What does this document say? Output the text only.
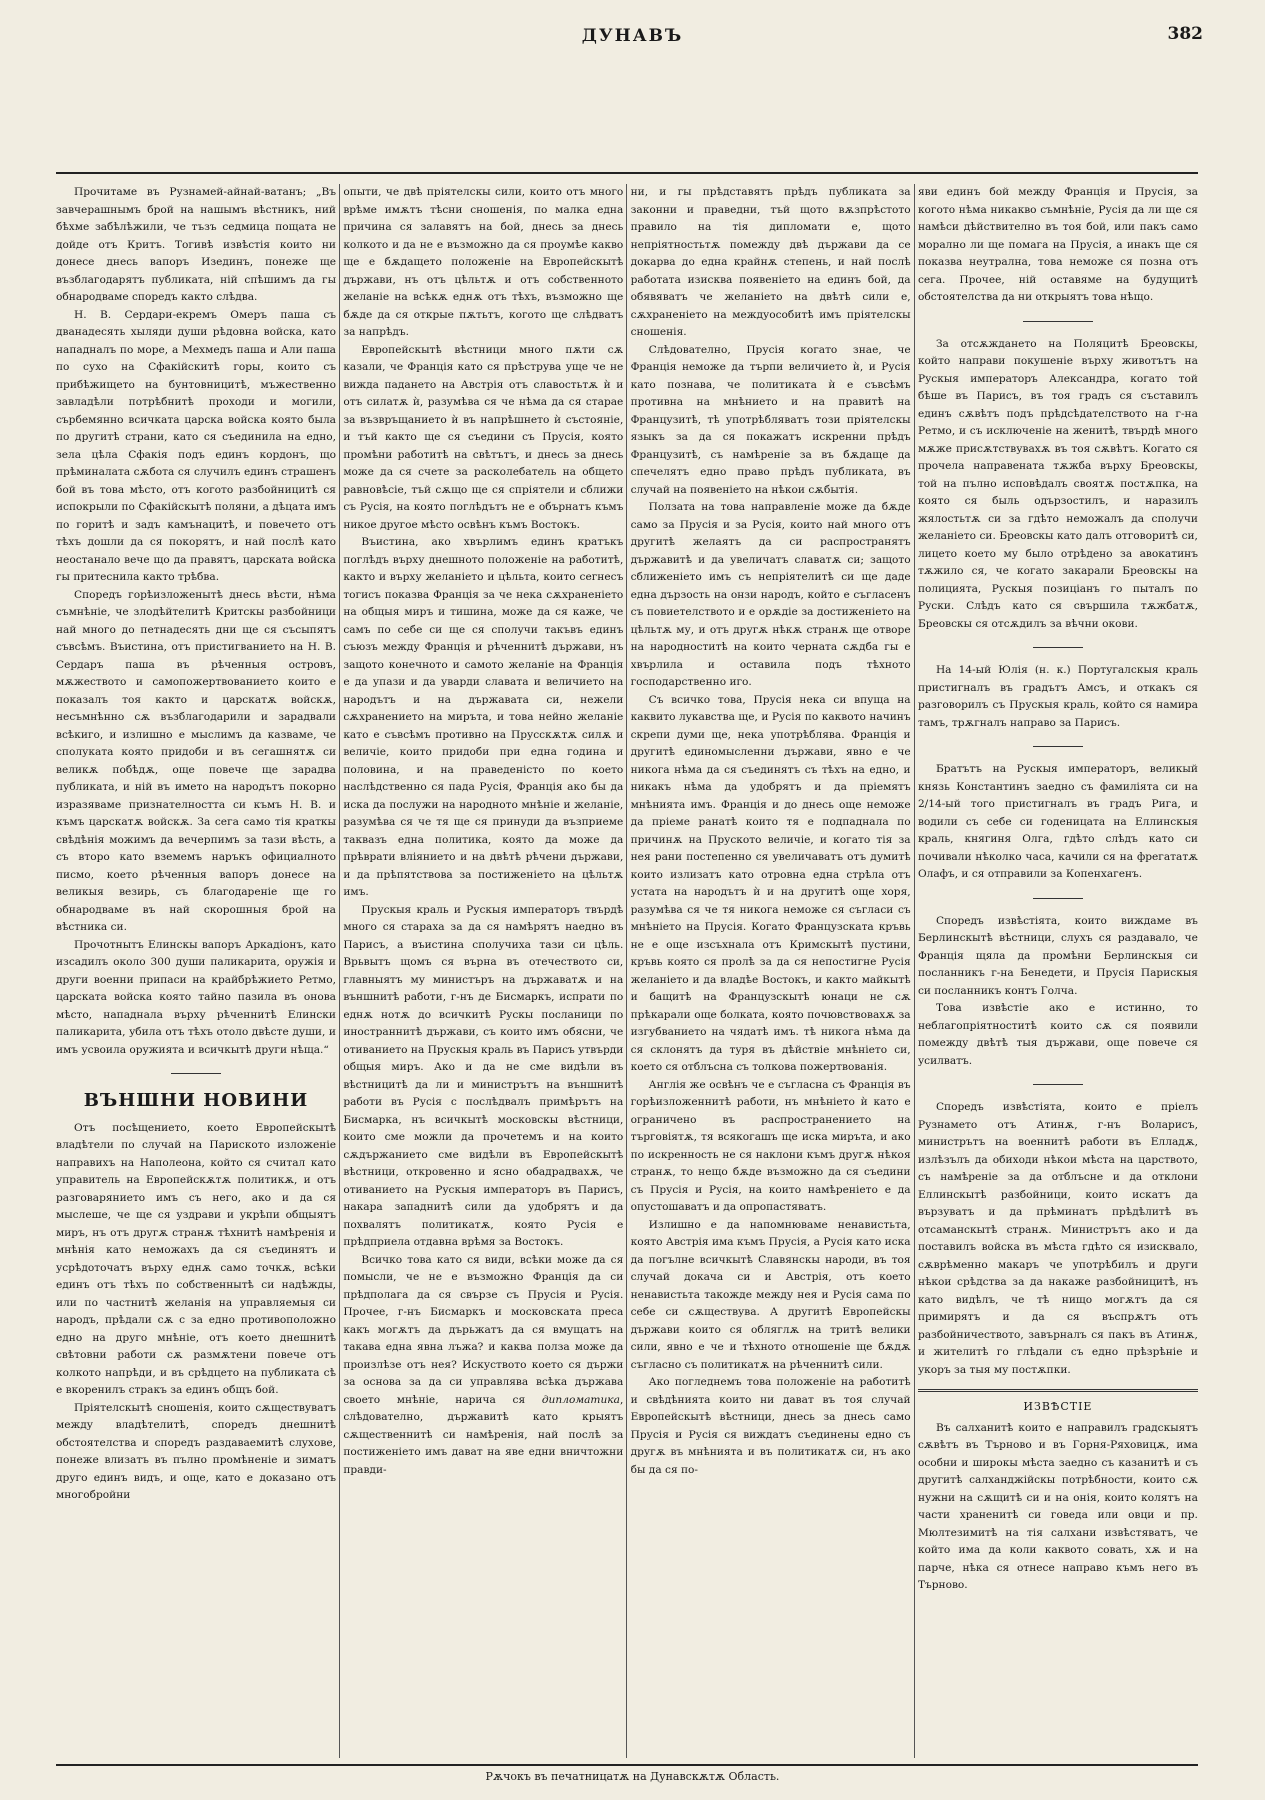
ДУНАВЪ	382

Прочитаме въ Рузнамей-айнай-ватанъ; „Въ завчерашнымъ брой на нашымъ вѣстникъ, ний бѣхме забѣлѣжили, че тъзъ седмица пощата не дойде отъ Критъ. Тогивѣ извѣстія които ни донесе днесь вапоръ Изединъ, понеже ще възблагодарятъ публиката, ній спѣшимъ да гы обнародваме споредъ както слѣдва.

Н. В. Сердари-екремъ Омеръ паша съ дванадесять хыляди души рѣдовна войска, като нападналъ по море, а Мехмедъ паша и Али паша по сухо на Сфакійскитѣ горы, които съ прибѣжището на бунтовницитѣ, мъжественно завладѣли потрѣбнитѣ проходи и могили, сърбемянно всичката царска войска която была по другитѣ страни, като ся съединила на едно, зела цѣла Сфакія подъ единъ кордонъ, що прѣминалата сѫбота ся случилъ единъ страшенъ бой въ това мѣсто, отъ когото разбойницитѣ ся испокрыли по Сфакійскытѣ поляни, а дѣцата имъ по горитѣ и задъ камънацитѣ, и повечето отъ тѣхъ дошли да ся покорятъ, и най послѣ като неостанало вече що да правятъ, царската войска гы притеснила както трѣбва.

Споредъ горѣизложенытѣ днесь вѣсти, нѣма съмнѣніе, че злодѣйтелитѣ Критскы разбойници най много до петнадесять дни ще ся съсыпятъ съвсѣмъ. Въистина, отъ пристигванието на Н. В. Сердаръ паша въ рѣченныя островъ, мѫжеството и самопожертвованието които е показалъ тоя както и царскатѫ войскѫ, несъмнѣнно сѫ възблагодарили и зарадвали всѣкиго, и излишно е мыслимъ да казваме, че сполуката която придоби и въ сегашнятѫ си великѫ побѣдѫ, още повече ще зарадва публиката, и ній въ името на народътъ покорно изразяваме признателността си къмъ Н. В. и къмъ царскатѫ войскѫ. За сега само тія краткы свѣдѣнія можимъ да вечерпимъ за тази вѣсть, а съ второ като вземемъ наръкъ официалното писмо, което рѣченныя вапоръ донесе на великыя везирь, съ благодареніе ще го обнародваме въ най скорошныя брой на вѣстника си.

Прочотнытъ Елинскы вапоръ Аркадіонъ, като изсадилъ около 300 души паликарита, оружія и други военни припаси на крайбрѣжието Ретмо, царската войска която тайно пазила въ онова мѣсто, нападнала върху рѣченнитѣ Елински паликарита, убила отъ тѣхъ отоло двѣсте души, и имъ усвоила оружията и всичкытѣ други нѣща.“

ВЪНШНИ НОВИНИ

Отъ посѣщението, което Европейскытѣ владѣтели по случай на Парискотo изложеніе направихъ на Наполеона, който ся считал като управитель на Европейскѫтѫ политикѫ, и отъ разговарянието имъ съ него, ако и да ся мыслеше, че ще ся уздрави и укрѣпи общыятъ миръ, нъ отъ другѫ странѫ тѣхнитѣ намѣренія и мнѣнія като неможахъ да ся съединятъ и усрѣдоточатъ върху еднѫ само точкѫ, всѣки единъ отъ тѣхъ по собственнытѣ си надѣжды, или по частнитѣ желанія на управляемыя си народъ, прѣдали сѫ с за едно противоположно едно на друго мнѣніе, отъ което днешнитѣ свѣтовни работи сѫ размѫтени повече отъ колкото напрѣди, и въ срѣдцето на публиката сѣ е вкоренилъ стракъ за единъ общъ бой.

Прiятелскытѣ сношенія, които сѫществуватъ между владѣтелитѣ, споредъ днешнитѣ обстоятелства и споредъ раздаваемитѣ слухове, понеже влизатъ въ пълно промѣненіе и зиматъ друго единъ видъ, и още, като е доказано отъ многобройни

опыти, че двѣ прiятелскы сили, които отъ много врѣме имѫтъ тѣсни сношенія, по малка една причина ся залавятъ на бой, днесь за днесь колкото и да не е възможно да ся проумѣе какво ще е бѫдащето положеніе на Европейскытѣ държави, нъ отъ цѣльтѫ и отъ собственното желаніе на всѣкѫ еднѫ отъ тѣхъ, възможно ще бѫде да ся открые пѫтьтъ, когото ще слѣдватъ за напрѣдъ.

Европейскытѣ вѣстници много пѫти сѫ казали, че Франція като ся прѣструва уще че не вижда падането на Австрія отъ славостьтѫ ѝ и отъ силатѫ ѝ, разумѣва ся че нѣма да ся старае за възвръщанието ѝ въ напрѣшнето ѝ състояніе, и тъй както ще ся съедини съ Прусія, която промѣни работитѣ на свѣтътъ, и днесь за днесь може да ся счете за расколебатель на общето равновѣсіе, тъй сѫщо ще ся спрiятели и сближи съ Русія, на която поглѣдътъ не е обърнатъ къмъ никое другое мѣсто освѣнъ къмъ Востокъ.

Въистина, ако хвърлимъ единъ кратъкъ поглѣдъ върху днешното положеніе на работитѣ, както и върху желаніето и цѣльта, които сегнесъ тогисъ показва Франція за че нека сѫхраненіето на общыя миръ и тишина, може да ся каже, че самъ по себе си ще ся сполучи такъвъ единъ съюзъ между Франція и рѣченнитѣ държави, нъ защото конечното и самото желаніе на Франція е да упази и да уварди славата и величието на народътъ и на държавата си, нежели сѫхранението на миръта, и това нейно желаніе като е съвсѣмъ противно на Прусскѫтѫ силѫ и величіе, които придоби при една година и половина, и на праведеністо по което наслѣдственно ся пада Русія, Франція ако бы да иска да послужи на народното мнѣніе и желаніе, разумѣва ся че тя ще ся принуди да възприеме таквазъ една политика, която да може да прѣврати влiянието и на двѣтѣ рѣчени държави, и да прѣпятствова за постиженіето на цѣльтѫ имъ.

Прускыя краль и Рускыя императоръ твърдѣ много ся стараха за да ся намѣрятъ наедно въ Парисъ, а въистина сполучиха тази си цѣль. Врьвытъ щомъ ся върна въ отечеството си, главныятъ му министъръ на държаватѫ и на външнитѣ работи, г-нъ де Бисмаркъ, испрати по еднѫ нотѫ до всичкитѣ Рускы посланици по иностраннитѣ държави, съ които имъ обясни, че отиванието на Прускыя краль въ Парисъ утвърди общыя миръ. Ако и да не сме видѣли въ вѣстницитѣ да ли и министрътъ на външнитѣ работи въ Русія с послѣдвалъ примѣрътъ на Бисмарка, нъ всичкытѣ московскы вѣстници, които сме можли да прочетемъ и на които сѫдържанието сме видѣли въ Европейскытѣ вѣстници, откровенно и ясно обадрадвахѫ, че отиванието на Рускыя императоръ въ Парисъ, накара западнитѣ сили да удобрятъ и да похвалятъ политикатѫ, която Русія е прѣдприела отдавна врѣмя за Востокъ.

Всичко това като ся види, всѣки може да ся помысли, че не е възможно Франція да си прѣдполага да ся свързе съ Прусія и Русія. Прочее, г-нъ Бисмаркъ и московската преса какъ могѫтъ да дърьжатъ да ся вмущатъ на такава една явна лъжа? и каква полза може да произлѣзе отъ нея? Искуството което ся държи за основа за да си управлява всѣка държава своето мнѣніе, нарича ся дипломатика, слѣдователно, държавитѣ като крыятъ сѫщественнитѣ си намѣренія, най послѣ за постиженіето имъ дават на яве едни вничтожни правди-

ни, и гы прѣдставятъ прѣдъ публиката за законни и праведни, тъй щото вѫзпрѣстото правило на тія дипломати е, щото непріятностьтѫ помежду двѣ държави да се докарва до една крайнѫ степень, и най послѣ работата изисква появеніето на единъ бой, да обявяватъ че желаніето на двѣтѣ сили е, сѫхраненіето на междуособитѣ имъ прiятелскы сношенія.

Слѣдователно, Прусія когато знае, че Франція неможе да търпи величието ѝ, и Русія като познава, че политиката ѝ е съвсѣмъ противна на мнѣнието и на правитѣ на Французитѣ, тѣ употрѣбляватъ този прiятелскы языкъ за да ся покажатъ искренни прѣдъ Французитѣ, съ намѣреніе за въ бѫдаще да спечелятъ едно право прѣдъ публиката, въ случай на появеніето на нѣкои сѫбытія.

Ползата на това направленіе може да бѫде само за Прусія и за Русія, които най много отъ другитѣ желаятъ да си распространятъ държавитѣ и да увеличатъ славатѫ си; защото сближеніето имъ съ непрiятелитѣ си ще даде една дързость на онзи народъ, който е съгласенъ съ повиетелството и е орѫдіе за достиженіето на цѣльтѫ му, и отъ другѫ нѣкѫ странѫ ще отворе на народноститѣ на които черната сѫдба гы е хвърлила и оставила подъ тѣхното господарственно иго.

Съ всичко това, Прусія нека си впуща на каквито лукавства ще, и Русія по каквото начинъ скрепи думи ще, нека употрѣблява. Франція и другитѣ единомысленни държави, явно е че никога нѣма да ся съединятъ съ тѣхъ на едно, и никакъ нѣма да удобрятъ и да пріемятъ мнѣнията имъ. Франція и до днесь още неможе да пріеме ранатѣ които тя е подпаднала по причинѫ на Прускотo величіе, и когато тія за нея рани постепенно ся увеличаватъ отъ думитѣ които излизатъ като отровна една стрѣла отъ устата на народътъ ѝ и на другитѣ още хоря, разумѣва ся че тя никога неможе ся съгласи съ мнѣніето на Прусія. Когато Французската кръвь не е още изсъхнала отъ Кримскытѣ пустини, кръвь която ся пролѣ за да ся непостигне Русія желаніето и да владѣе Востокъ, и както майкытѣ и бащитѣ на Французскытѣ юнаци не сѫ прѣкарали още болката, която почювствовахѫ за изгубванието на чядатѣ имъ. тѣ никога нѣма да ся склонятъ да туря въ дѣйствіе мнѣніето си, което ся отблъсна съ толкова пожертвованія.

Англія же освѣнъ че е съгласна съ Франція въ горѣизложеннитѣ работи, нъ мнѣніето ѝ като е ограничено въ распространението на търговіятѫ, тя всякогашъ ще иска миръта, и ако по искренность не ся наклони къмъ другѫ нѣкоя странѫ, то нещо бѫде възможно да ся съедини съ Прусія и Русія, на които намѣреніето е да опустошаватъ и да опропастяватъ.

Излишно е да напомнюваме ненавистьта, която Австрія има къмъ Прусія, а Русія като иска да погълне всичкытѣ Славянскы народи, въ тоя случай докача си и Австрія, отъ което ненавистьта такожде между нея и Русія сама по себе си сѫществува. А другитѣ Европейскы държави които ся обляглѫ на тритѣ велики сили, явно е че и тѣхното отношеніе ще бѫдѫ съгласно съ политикатѫ на рѣченнитѣ сили.

Ако погледнемъ това положеніе на работитѣ и свѣдѣнията които ни дават въ тоя случай Европейскытѣ вѣстници, днесь за днесь само Прусія и Русія ся виждатъ съединены едно съ другѫ въ мнѣнията и въ политикатѫ си, нъ ако бы да ся по-

яви единъ бой между Франція и Прусія, за когото нѣма никакво съмнѣніе, Русія да ли ще ся намѣси дѣйствително въ тоя бой, или пакъ само морално ли ще помага на Прусія, а инакъ ще ся показва неутрална, това неможе ся позна отъ сега. Прочее, ній оставяме на будущитѣ обстоятелства да ни открыятъ това нѣщо.

За отсѫждането на Поляцитѣ Бреовскы, който направи покушеніе върху животътъ на Рускыя императоръ Александра, когато той бѣше въ Парисъ, въ тоя градъ ся съставилъ единъ сѫвѣтъ подъ прѣдсѣдателството на г-на Ретмо, и съ исключеніе на женитѣ, твърдѣ много мѫже присѫтствувахѫ въ тоя сѫвѣтъ. Когато ся прочела направената тѫжба върху Бреовскы, той на пълно исповѣдалъ своятѫ постѫпка, на която ся быль одързостилъ, и наразилъ жялостьтѫ си за гдѣто неможалъ да сполучи желаніето си. Бреовскы като далъ отговоритѣ си, лицето което му было отрѣдено за авокатинъ тѫжило ся, че когато закарали Бреовскы на полицията, Рускыя позиціанъ го пыталъ по Руски. Слѣдъ като ся свършила тѫжбатѫ, Бреовскы ся отсѫдилъ за вѣчни окови.

На 14-ый Юлія (н. к.) Португалскыя краль пристигналъ въ градътъ Амсъ, и откакъ ся разговорилъ съ Прускыя краль, който ся намира тамъ, трѫгналъ направо за Парисъ.

Братътъ на Рускыя императоръ, великый князь Константинъ заедно съ фамиліята си на 2/14-ый того пристигналъ въ градъ Рига, и водили съ себе си годеницата на Еллинскыя краль, княгиня Олга, гдѣто слѣдъ като си почивали нѣколко часа, качили ся на фрегататѫ Олафъ, и ся отправили за Копенхагенъ.

Споредъ извѣстіята, които виждаме въ Берлинскытѣ вѣстници, слухъ ся раздавало, че Франція щяла да промѣни Берлинскыя си посланникъ г-на Бенедети, и Прусія Парискыя си посланникъ контъ Голча.

Това извѣстіе ако е истинно, то неблагопрiятноститѣ които сѫ ся появили помежду двѣтѣ тыя държави, още повече ся усилватъ.

Споредъ извѣстіята, които е прiелъ Рузнамето отъ Атинѫ, г-нъ Воларисъ, министрътъ на военнитѣ работи въ Елладѫ, излѣзълъ да обиходи нѣкои мѣста на царството, съ намѣреніе за да отблъсне и да отклони Еллинскытѣ разбойници, които искатъ да вързуватъ и да прѣминатъ прѣдѣлитѣ въ отсаманскытѣ странѫ. Министрътъ ако и да поставилъ войска въ мѣста гдѣто ся изисквало, сѫврѣменно макаръ че употрѣбилъ и други нѣкои срѣдства за да накаже разбойницитѣ, нъ като видѣлъ, че тѣ нищо могѫтъ да ся примирятъ и да ся въспрѫтъ отъ разбойничеството, завърналъ ся пакъ въ Атинѫ, и жителитѣ го глѣдали съ едно прѣзрѣніе и укоръ за тыя му постѫпки.

ИЗВѢСТІЕ

Въ салханитѣ които е направилъ градскыятъ сѫвѣтъ въ Търново и въ Горня-Ряховицѫ, има особни и широкы мѣста заедно съ казанитѣ и съ другитѣ салханджійскы потрѣбности, които сѫ нужни на сѫщитѣ си и на онія, които колятъ на части храненитѣ си говеда или овци и пр. Мюлтезимитѣ на тія салхани извѣстяватъ, че който има да коли каквото совать, хѫ и на парче, нѣка ся отнесе направо къмъ него въ Търново.

Рѫчокъ въ печатницатѫ на Дунавскѫтѫ Область.
